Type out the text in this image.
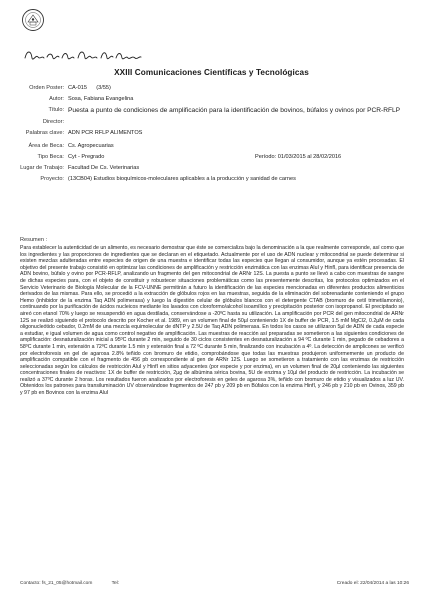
XXIII Comunicaciones Científicas y Tecnológicas
Orden Poster: CA-015 (3/55)
Autor: Sosa, Fabiana Evangelina
Título: Puesta a punto de condiciones de amplificación para la identificación de bovinos, búfalos y ovinos por PCR-RFLP
Director:
Palabras clave: ADN PCR RFLP ALIMENTOS
Área de Beca: Cs. Agropecuarias
Tipo Beca: Cyt - Pregrado	Período: 01/03/2015 al 28/02/2016
Lugar de Trabajo: Facultad De Cs. Veterinarias
Proyecto: (13CB04) Estudios bioquímicos-moleculares aplicables a la producción y sanidad de carnes
Resumen :
Para establecer la autenticidad de un alimento, es necesario demostrar que éste se comercializa bajo la denominación a la que realmente corresponde, así como que los ingredientes y las proporciones de ingredientes que se declaran en el etiquetado. Actualmente por el uso de ADN nuclear y mitocondrial se puede determinar si existen mezclas adulteradas entre especies de origen de una muestra e identificar todas las especies que llegan al consumidor, aunque ya estén procesadas. El objetivo del presente trabajo consistió en optimizar las condiciones de amplificación y restricción enzimática con las enzimas AluI y HinfI, para identificar presencia de ADN bovino, búfalo y ovino por PCR-RFLP, analizando un fragmento del gen mitocondrial de ARNr 12S. La puesta a punto se llevó a cabo con muestras de sangre de dichas especies para, con el objeto de constituir y robustecer situaciones problemáticas como las presentemente descritas, los protocolos optimizados en el Servicio Veterinario de Biología Molecular de la FCV-UNNE permitirán a futuro la identificación de las especies mencionadas en diferentes productos alimenticios derivados de las mismas. Para ello, se procedió a la extracción de glóbulos rojos en las muestras, seguida de la eliminación del sobrenadante conteniendo el grupo Hemo (inhibidor de la enzima Taq ADN polimerasa) y luego la digestión celular de glóbulos blancos con el detergente CTAB (bromuro de cetil trimetilamonio), continuando por la purificación de ácidos nucleicos mediante los lavados con cloroformo/alcohol isoamílico y precipitación posterior con isopropanol. El precipitado se aireó con etanol 70% y luego se resuspendió en agua destilada, conservándose a -20ºC hasta su utilización. La amplificación por PCR del gen mitocondrial de ARNr 12S se realizó siguiendo el protocolo descrito por Kocher et al. 1989, en un volumen final de 50µl conteniendo 1X de buffer de PCR, 1.5 mM MgCl2, 0.2µM de cada oligonucleótido cebador, 0.2mM de una mezcla equimolecular de dNTP y 2.5U de Taq ADN polimerasa. En todos los casos se utilizaron 5µl de ADN de cada especie a estudiar, e igual volumen de agua como control negativo de amplificación. Las muestras de reacción así preparadas se sometieron a las siguientes condiciones de amplificación: desnaturalización inicial a 95ºC durante 2 min, seguido de 30 ciclos consistentes en desnaturalización a 94 ºC durante 1 min, pegado de cebadores a 58ºC durante 1 min, extensión a 72ºC durante 1.5 min y extensión final a 72 ºC durante 5 min, finalizando con incubación a 4º. La detección de amplicones se verificó por electroforesis en gel de agarosa 2.8% teñido con bromuro de etidio, comprobándose que todas las muestras produjeron uniformemente un producto de amplificación compatible con el fragmento de 456 pb correspondiente al gen de ARNr 12S. Luego se sometieron a tratamiento con las enzimas de restricción seleccionadas según los cálculos de restricción AluI y HinfI en sitios adyacentes (por especie y por enzima), en un volumen final de 20µl conteniendo las siguientes concentraciones finales de reactivos: 1X de buffer de restricción, 2µg de albúmina sérica bovina, 5U de enzima y 10µl del producto de restricción. La incubación se realizó a 37ºC durante 2 horas. Los resultados fueron analizados por electroforesis en geles de agarosa 3%, teñido con bromuro de etidio y visualizados a luz UV. Obtenidos los patrones para transiluminación UV observándose fragmentos de 247 pb y 209 pb en Búfalos con la enzima HinfI, y 246 pb y 210 pb en Ovinos, 359 pb y 97 pb en Bovinos con la enzima AluI
Contacto: fs_21_05@hotmail.com	Tel:	Creado el: 22/04/2014 a las 10:26
